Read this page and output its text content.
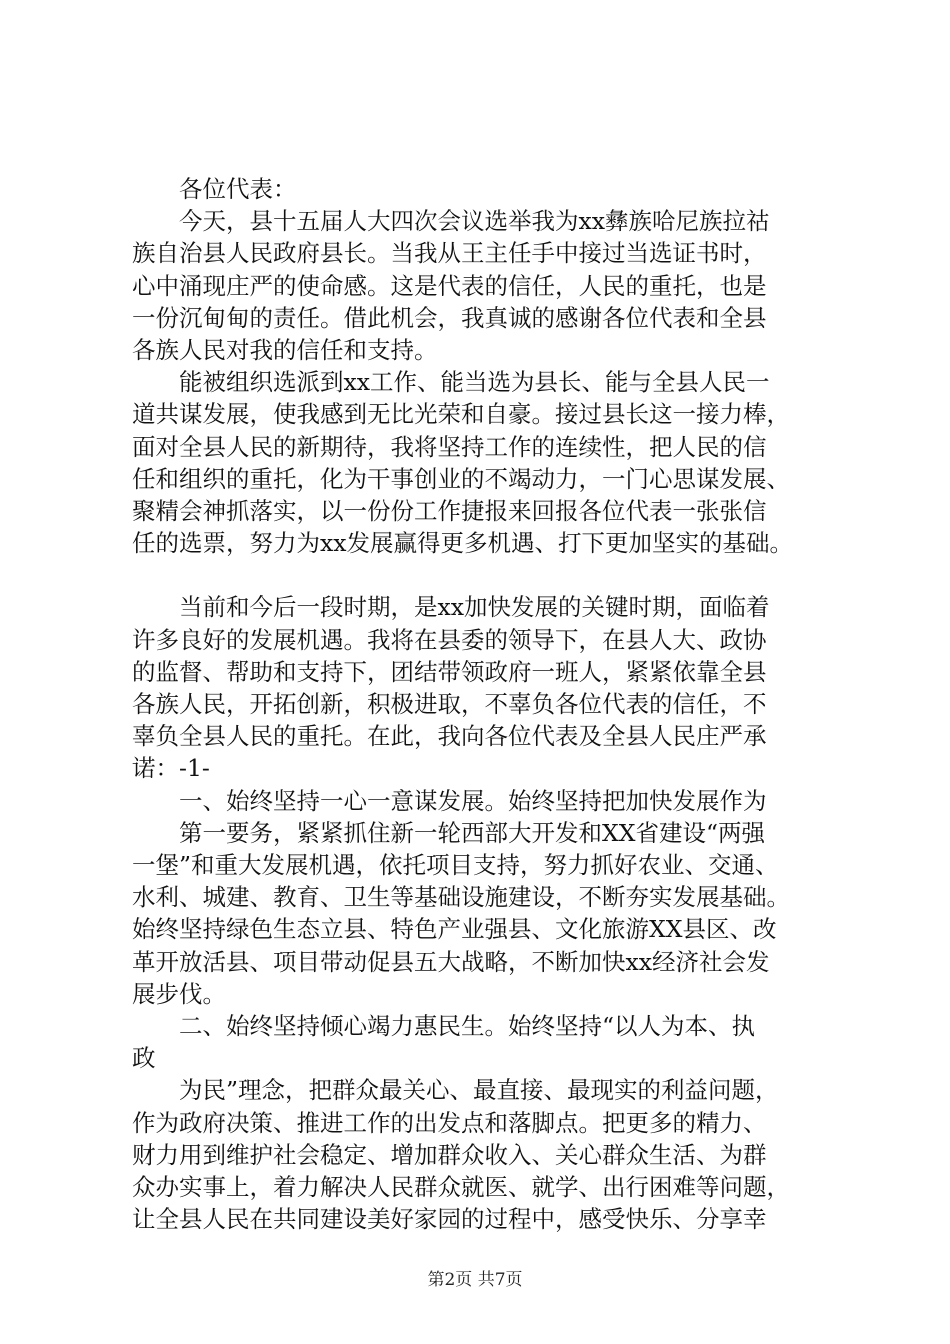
　　各位代表：

　　今天，县十五届人大四次会议选举我为xx彝族哈尼族拉祜

族自治县人民政府县长。当我从王主任手中接过当选证书时，

心中涌现庄严的使命感。这是代表的信任，人民的重托，也是

一份沉甸甸的责任。借此机会，我真诚的感谢各位代表和全县

各族人民对我的信任和支持。

　　能被组织选派到xx工作、能当选为县长、能与全县人民一

道共谋发展，使我感到无比光荣和自豪。接过县长这一接力棒，

面对全县人民的新期待，我将坚持工作的连续性，把人民的信

任和组织的重托，化为干事创业的不竭动力，一门心思谋发展、

聚精会神抓落实，以一份份工作捷报来回报各位代表一张张信

任的选票，努力为xx发展赢得更多机遇、打下更加坚实的基础。

　　当前和今后一段时期，是xx加快发展的关键时期，面临着

许多良好的发展机遇。我将在县委的领导下，在县人大、政协

的监督、帮助和支持下，团结带领政府一班人，紧紧依靠全县

各族人民，开拓创新，积极进取，不辜负各位代表的信任，不

辜负全县人民的重托。在此，我向各位代表及全县人民庄严承

诺：-1-

　　一、始终坚持一心一意谋发展。始终坚持把加快发展作为

　　第一要务，紧紧抓住新一轮西部大开发和XX省建设“两强

一堡”和重大发展机遇，依托项目支持，努力抓好农业、交通、

水利、城建、教育、卫生等基础设施建设，不断夯实发展基础。

始终坚持绿色生态立县、特色产业强县、文化旅游XX县区、改

革开放活县、项目带动促县五大战略，不断加快xx经济社会发

展步伐。

　　二、始终坚持倾心竭力惠民生。始终坚持“以人为本、执

政

　　为民”理念，把群众最关心、最直接、最现实的利益问题，

作为政府决策、推进工作的出发点和落脚点。把更多的精力、

财力用到维护社会稳定、增加群众收入、关心群众生活、为群

众办实事上，着力解决人民群众就医、就学、出行困难等问题，

让全县人民在共同建设美好家园的过程中，感受快乐、分享幸

第2页 共7页
